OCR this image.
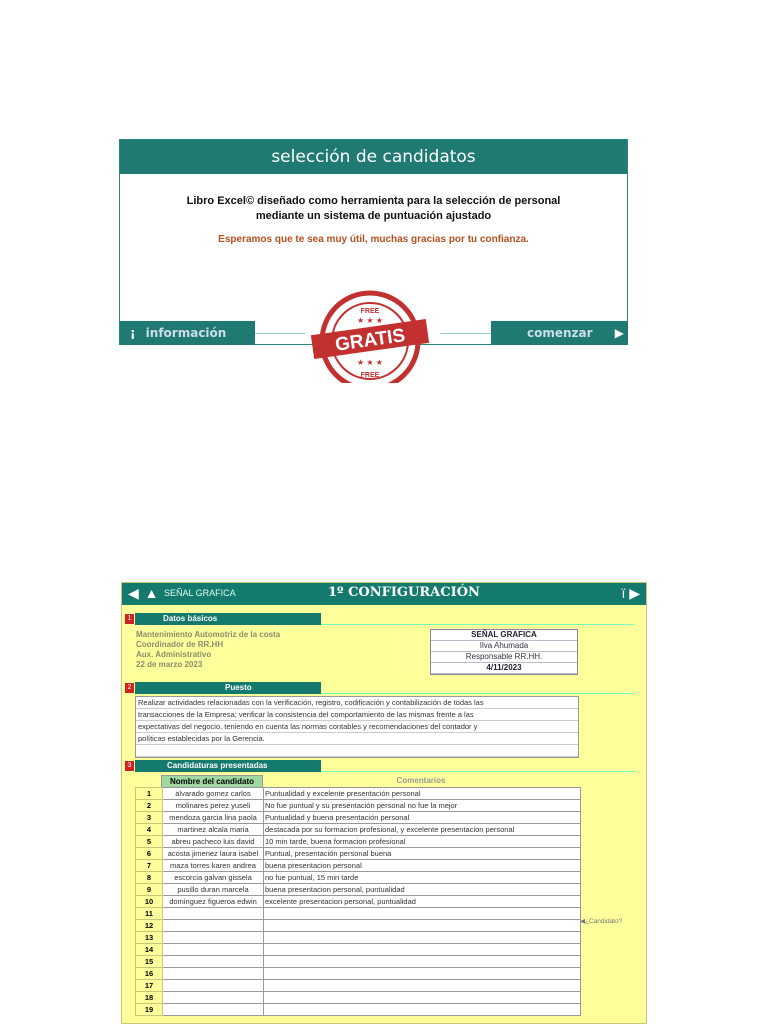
selección de candidatos
Libro Excel© diseñado como herramienta para la selección de personal
mediante un sistema de puntuación ajustado
Esperamos que te sea muy útil, muchas gracias por tu confianza.
¡ información	comenzar ▶
FREE
FREE
★ ★ ★
GRATIS
★ ★ ★
◀ ▲ SEÑAL GRAFICA	1º CONFIGURACIÓN	ï ▶
1	Datos básicos
Mantenimiento Automotriz de la costa
Coordinador de RR.HH
Aux. Administrativo
22 de marzo 2023
SEÑAL GRAFICA
Ilva Ahumada
Responsable RR.HH.
4/11/2023
2	Puesto
Realizar actividades relacionadas con la verificación, registro, codificación y contabilización de todas las
transacciones de la Empresa; verificar la consistencia del comportamiento de las mismas frente a las
expectativas del negocio, teniendo en cuenta las normas contables y recomendaciones del contador y
políticas establecidas por la Gerencia.
3	Candidaturas presentadas
Nombre del candidato	Comentarios
1	alvarado gomez carlos	Puntualidad y excelente presentación personal
2	molinares perez yuseli	No fue puntual y su presentación personal no fue la mejor
3	mendoza garcia lina paola	Puntualidad y buena presentación personal
4	martinez alcala maria	destacada por su formacion profesional, y excelente presentacion personal
5	abreu pacheco luis david	10 min tarde, buena formacion profesional
6	acosta jimenez laura isabel	Puntual, presentación personal buena
7	maza torres karen andrea	buena presentacion personal
8	escorcia galvan gissela	no fue puntual, 15 min tarde
9	pusillo duran marcela	buena presentacion personal, puntualidad
10	dominguez figueroa edwin	excelente presentacion personal, puntualidad
11		
12		
13		
14		
15		
16		
17		
18		
19		
◀¿Candidato?
